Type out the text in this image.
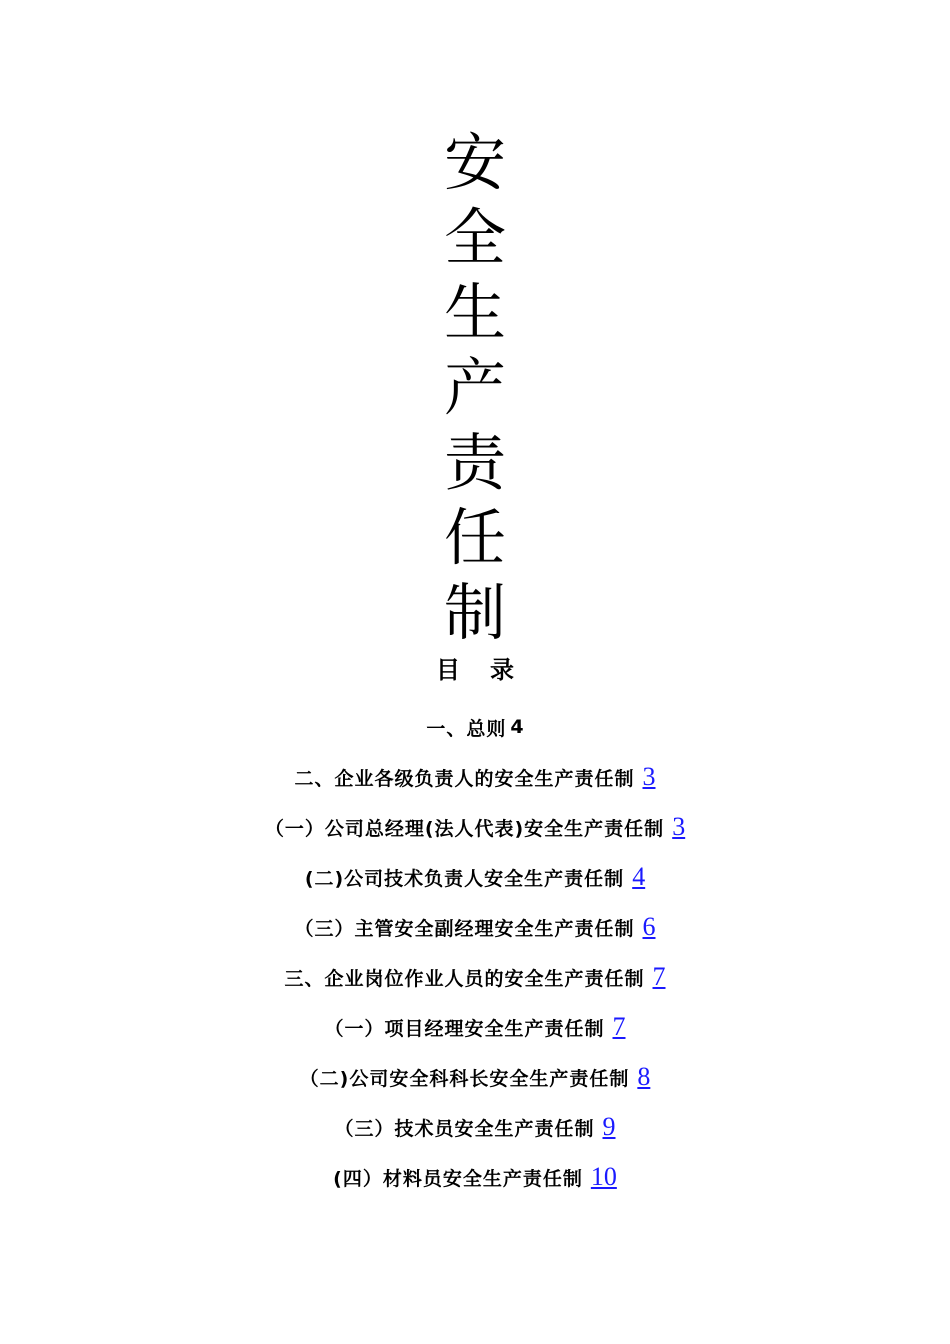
安
全
生
产
责
任
制
目录
一、总则 4
二、企业各级负责人的安全生产责任制 3
（一）公司总经理(法人代表)安全生产责任制 3
(二)公司技术负责人安全生产责任制 4
（三）主管安全副经理安全生产责任制 6
三、企业岗位作业人员的安全生产责任制 7
（一）项目经理安全生产责任制 7
（二)公司安全科科长安全生产责任制 8
（三）技术员安全生产责任制 9
(四）材料员安全生产责任制 10
